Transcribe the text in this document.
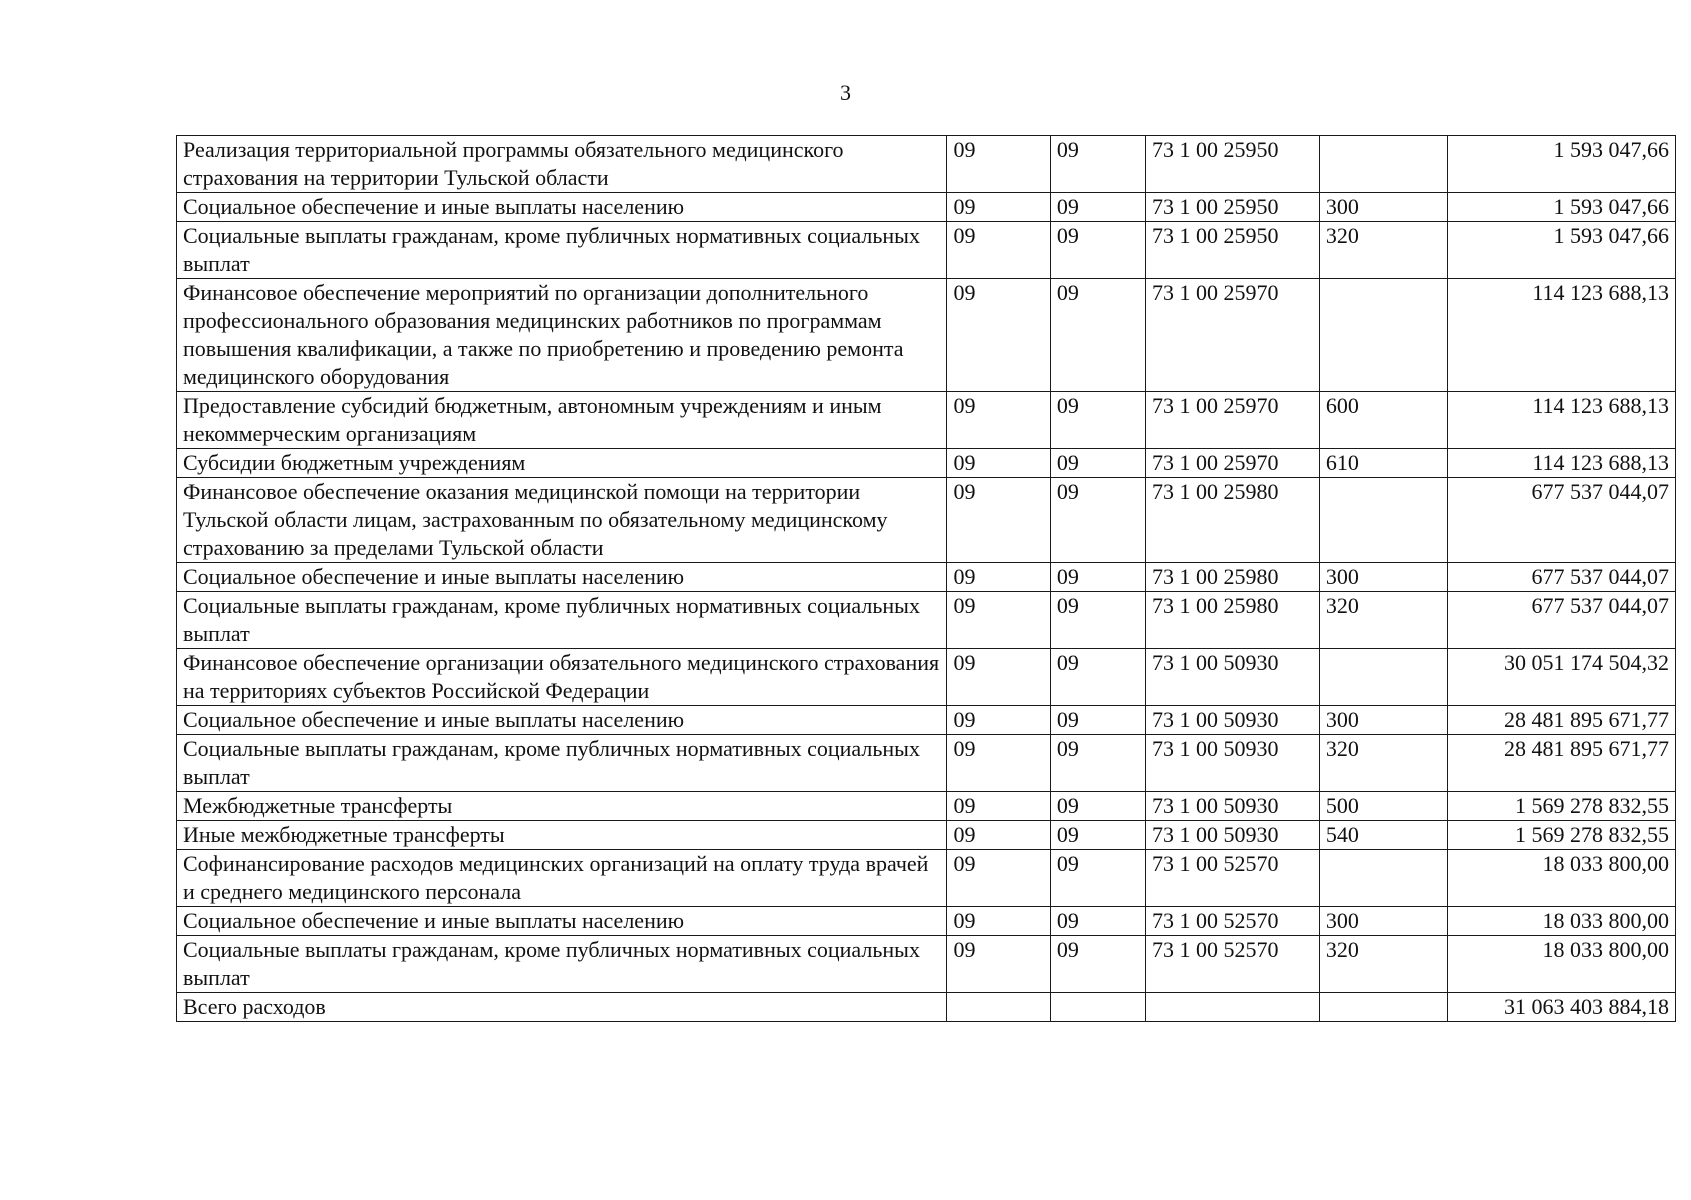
3
Реализация территориальной программы обязательного медицинского страхования на территории Тульской области	09	09	73 1 00 25950		1 593 047,66
Социальное обеспечение и иные выплаты населению	09	09	73 1 00 25950	300	1 593 047,66
Социальные выплаты гражданам, кроме публичных нормативных социальных выплат	09	09	73 1 00 25950	320	1 593 047,66
Финансовое обеспечение мероприятий по организации дополнительного профессионального образования медицинских работников по программам повышения квалификации, а также по приобретению и проведению ремонта медицинского оборудования	09	09	73 1 00 25970		114 123 688,13
Предоставление субсидий бюджетным, автономным учреждениям и иным некоммерческим организациям	09	09	73 1 00 25970	600	114 123 688,13
Субсидии бюджетным учреждениям	09	09	73 1 00 25970	610	114 123 688,13
Финансовое обеспечение оказания медицинской помощи на территории Тульской области лицам, застрахованным по обязательному медицинскому страхованию за пределами Тульской области	09	09	73 1 00 25980		677 537 044,07
Социальное обеспечение и иные выплаты населению	09	09	73 1 00 25980	300	677 537 044,07
Социальные выплаты гражданам, кроме публичных нормативных социальных выплат	09	09	73 1 00 25980	320	677 537 044,07
Финансовое обеспечение организации обязательного медицинского страхования на территориях субъектов Российской Федерации	09	09	73 1 00 50930		30 051 174 504,32
Социальное обеспечение и иные выплаты населению	09	09	73 1 00 50930	300	28 481 895 671,77
Социальные выплаты гражданам, кроме публичных нормативных социальных выплат	09	09	73 1 00 50930	320	28 481 895 671,77
Межбюджетные трансферты	09	09	73 1 00 50930	500	1 569 278 832,55
Иные межбюджетные трансферты	09	09	73 1 00 50930	540	1 569 278 832,55
Софинансирование расходов медицинских организаций на оплату труда врачей и среднего медицинского персонала	09	09	73 1 00 52570		18 033 800,00
Социальное обеспечение и иные выплаты населению	09	09	73 1 00 52570	300	18 033 800,00
Социальные выплаты гражданам, кроме публичных нормативных социальных выплат	09	09	73 1 00 52570	320	18 033 800,00
Всего расходов					31 063 403 884,18
